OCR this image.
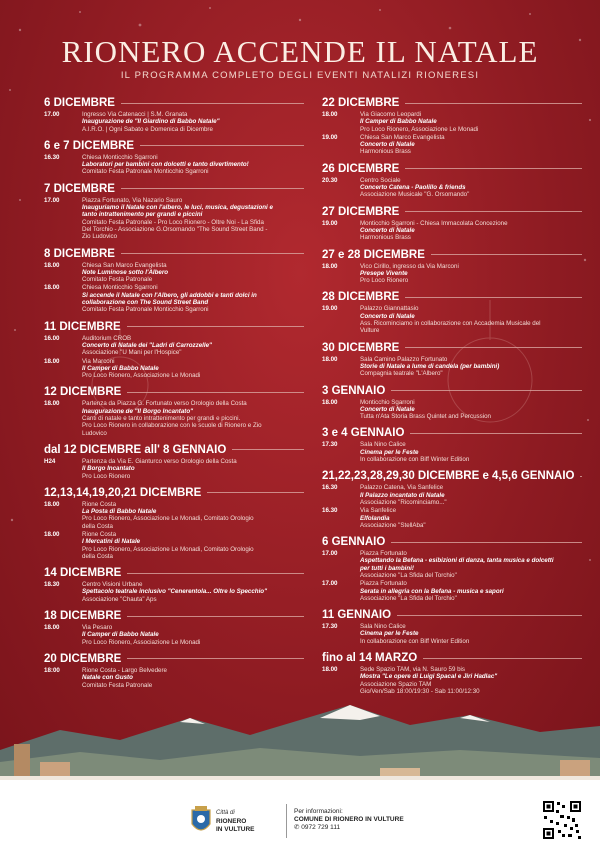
RIONERO ACCENDE IL NATALE
IL PROGRAMMA COMPLETO DEGLI EVENTI NATALIZI RIONERESI
6 DICEMBRE
17.00	Ingresso Via Catenacci | S.M. Granata
Inaugurazione de "Il Giardino di Babbo Natale"
A.I.R.O. | Ogni Sabato e Domenica di Dicembre
6 e 7 DICEMBRE
16.30	Chiesa Monticchio Sgarroni
Laboratori per bambini con dolcetti e tanto divertimento!
Comitato Festa Patronale Monticchio Sgarroni
7 DICEMBRE
17.00	Piazza Fortunato, Via Nazario Sauro
Inauguriamo il Natale con l'albero, le luci, musica, degustazioni e
tanto intrattenimento per grandi e piccini
Comitato Festa Patronale - Pro Loco Rionero - Oltre Noi - La Sfida
Del Torchio - Associazione G.Orsomando "The Sound Street Band -
Zio Ludovico
8 DICEMBRE
18.00	Chiesa San Marco Evangelista
Note Luminose sotto l'Albero
Comitato Festa Patronale
18.00	Chiesa Monticchio Sgarroni
Si accende il Natale con l'Albero, gli addobbi e tanti dolci in
collaborazione con The Sound Street Band
Comitato Festa Patronale Monticchio Sgarroni
11 DICEMBRE
16.00	Auditorium CROB
Concerto di Natale dei "Ladri di Carrozzelle"
Associazione "U Mani per l'Hospice"
18.00	Via Marconi
Il Camper di Babbo Natale
Pro Loco Rionero, Associazione Le Monadi
12 DICEMBRE
18.00	Partenza da Piazza G. Fortunato verso Orologio della Costa
Inaugurazione de "Il Borgo Incantato"
Canti di natale e tanto intrattenimento per grandi e piccini.
Pro Loco Rionero in collaborazione con le scuole di Rionero e Zio
Ludovico
dal 12 DICEMBRE all' 8 GENNAIO
H24	Partenza da Via E. Gianturco verso Orologio della Costa
Il Borgo Incantato
Pro Loco Rionero
12,13,14,19,20,21 DICEMBRE
18.00	Rione Costa
La Posta di Babbo Natale
Pro Loco Rionero, Associazione Le Monadi, Comitato Orologio
della Costa
18.00	Rione Costa
I Mercatini di Natale
Pro Loco Rionero, Associazione Le Monadi, Comitato Orologio
della Costa
14 DICEMBRE
18.30	Centro Visioni Urbane
Spettacolo teatrale inclusivo "Cenerentola... Oltre lo Specchio"
Associazione "Chauta" Aps
18 DICEMBRE
18.00	Via Pesaro
Il Camper di Babbo Natale
Pro Loco Rionero, Associazione Le Monadi
20 DICEMBRE
18:00	Rione Costa - Largo Belvedere
Natale con Gusto
Comitato Festa Patronale
22 DICEMBRE
18.00	Via Giacomo Leopardi
Il Camper di Babbo Natale
Pro Loco Rionero, Associazione Le Monadi
19.00	Chiesa San Marco Evangelista
Concerto di Natale
Harmonious Brass
26 DICEMBRE
20.30	Centro Sociale
Concerto Catena - Paolillo & friends
Associazione Musicale "G. Orsomando"
27 DICEMBRE
19.00	Monticchio Sgarroni - Chiesa Immacolata Concezione
Concerto di Natale
Harmonious Brass
27 e 28 DICEMBRE
18.00	Vico Cirillo, ingresso da Via Marconi
Presepe Vivente
Pro Loco Rionero
28 DICEMBRE
19.00	Palazzo Giannattasio
Concerto di Natale
Ass. Ricominciamo in collaborazione con Accademia Musicale del
Vulture
30 DICEMBRE
18.00	Sala Camino Palazzo Fortunato
Storie di Natale a lume di candela (per bambini)
Compagnia teatrale "L'Albero"
3 GENNAIO
18.00	Monticchio Sgarroni
Concerto di Natale
Tutta n'Ata Storia Brass Quintet and Percussion
3 e 4 GENNAIO
17.30	Sala Nino Calice
Cinema per le Feste
In collaborazione con Biff Winter Edition
21,22,23,28,29,30 DICEMBRE e 4,5,6 GENNAIO
16.30	Palazzo Catena, Via Sanfelice
Il Palazzo incantato di Natale
Associazione "Ricominciamo..."
16.30	Via Sanfelice
Elfolandia
Associazione "StellAba"
6 GENNAIO
17.00	Piazza Fortunato
Aspettando la Befana - esibizioni di danza, tanta musica e dolcetti
per tutti i bambini!
Associazione "La Sfida del Torchio"
17.00	Piazza Fortunato
Serata in allegria con la Befana - musica e sapori
Associazione "La Sfida del Torchio"
11 GENNAIO
17.30	Sala Nino Calice
Cinema per le Feste
In collaborazione con Biff Winter Edition
fino al 14 MARZO
18.00	Sede Spazio TAM, via N. Sauro 59 bis
Mostra "Le opere di Luigi Spacal e Jiri Hadlac"
Associazione Spazio TAM
Gio/Ven/Sab 18:00/19:30 - Sab 11:00/12:30
Città di
RIONERO
IN VULTURE
Per informazioni:
COMUNE DI RIONERO IN VULTURE
✆ 0972 729 111
